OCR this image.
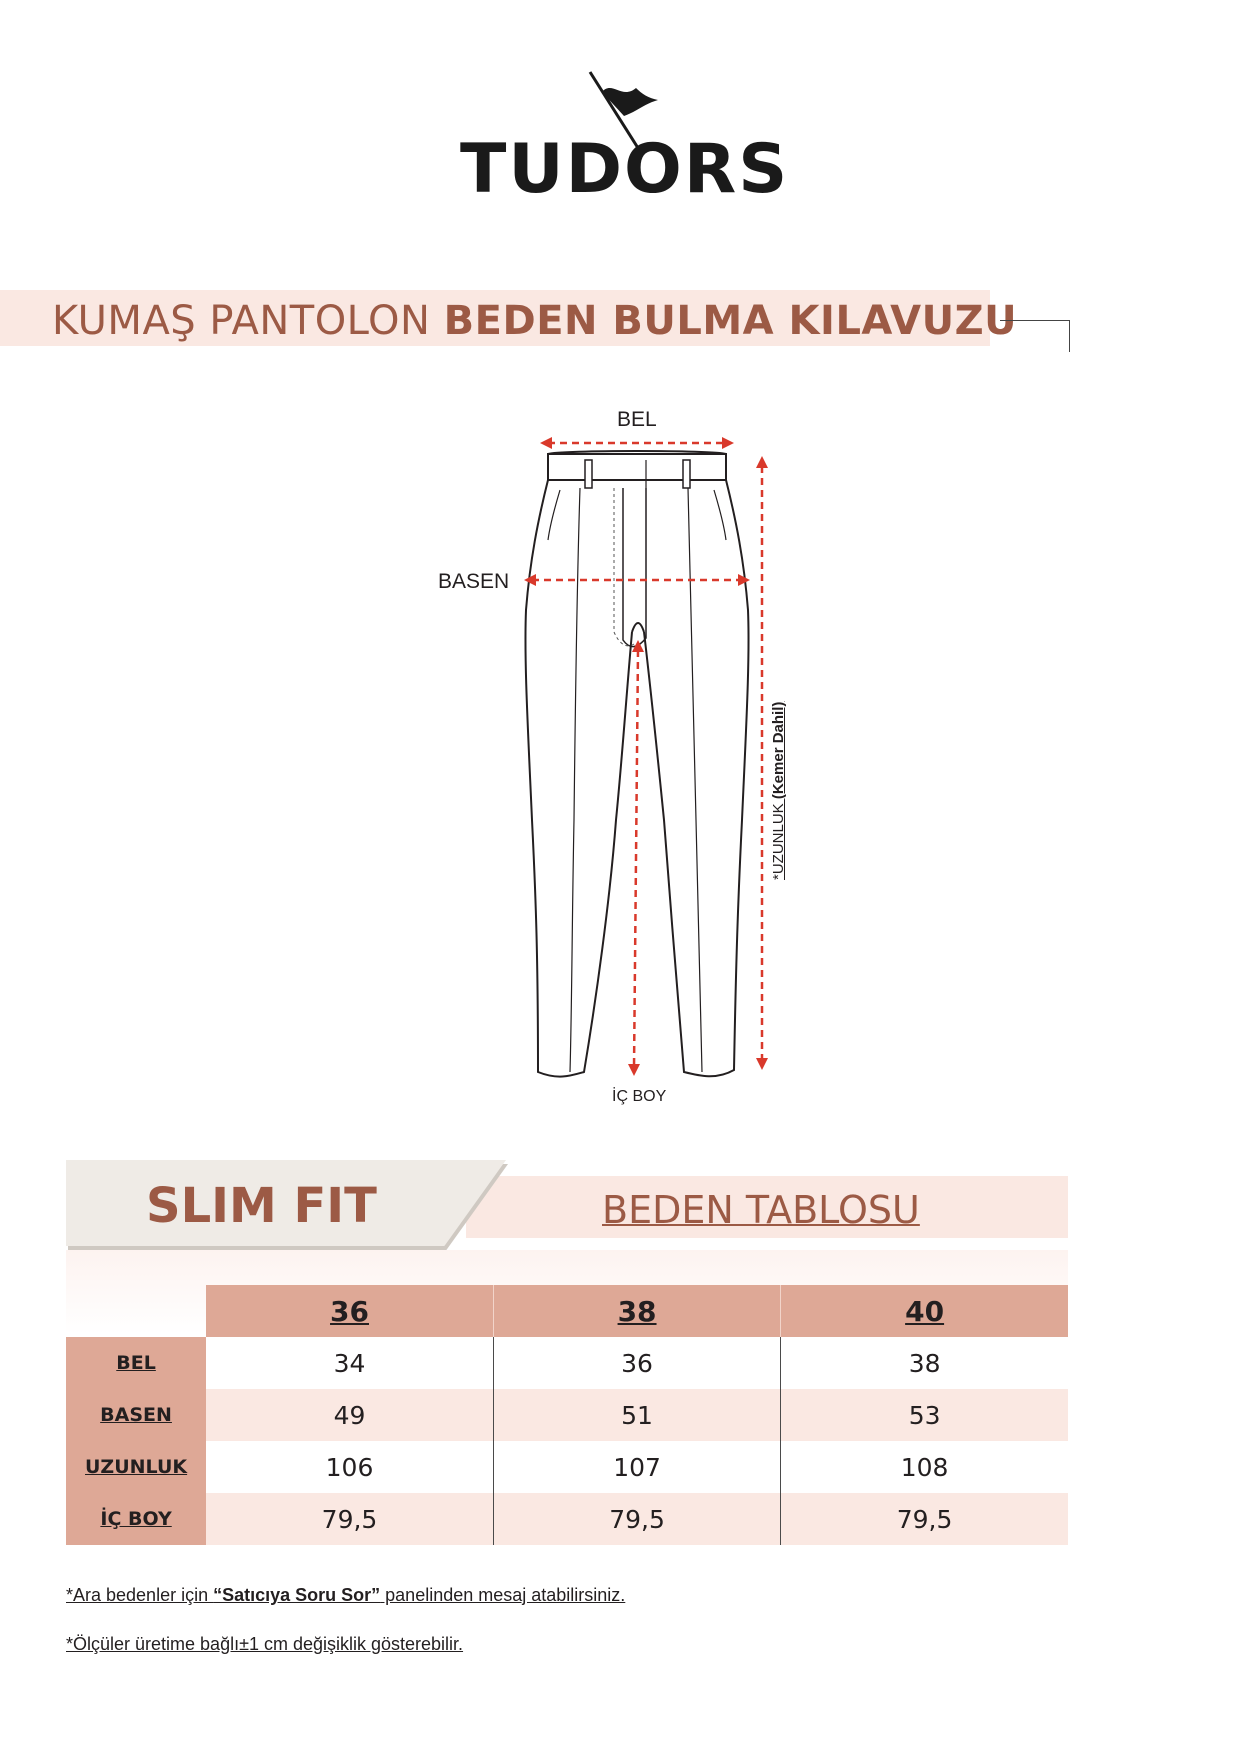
TUDORS
KUMAŞ PANTOLON BEDEN BULMA KILAVUZU
BEL
BASEN
İÇ BOY
*UZUNLUK (Kemer Dahil)
SLIM FIT	BEDEN TABLOSU
	36	38	40
BEL	34	36	38
BASEN	49	51	53
UZUNLUK	106	107	108
İÇ BOY	79,5	79,5	79,5
*Ara bedenler için “Satıcıya Soru Sor” panelinden mesaj atabilirsiniz.
*Ölçüler üretime bağlı±1 cm değişiklik gösterebilir.
